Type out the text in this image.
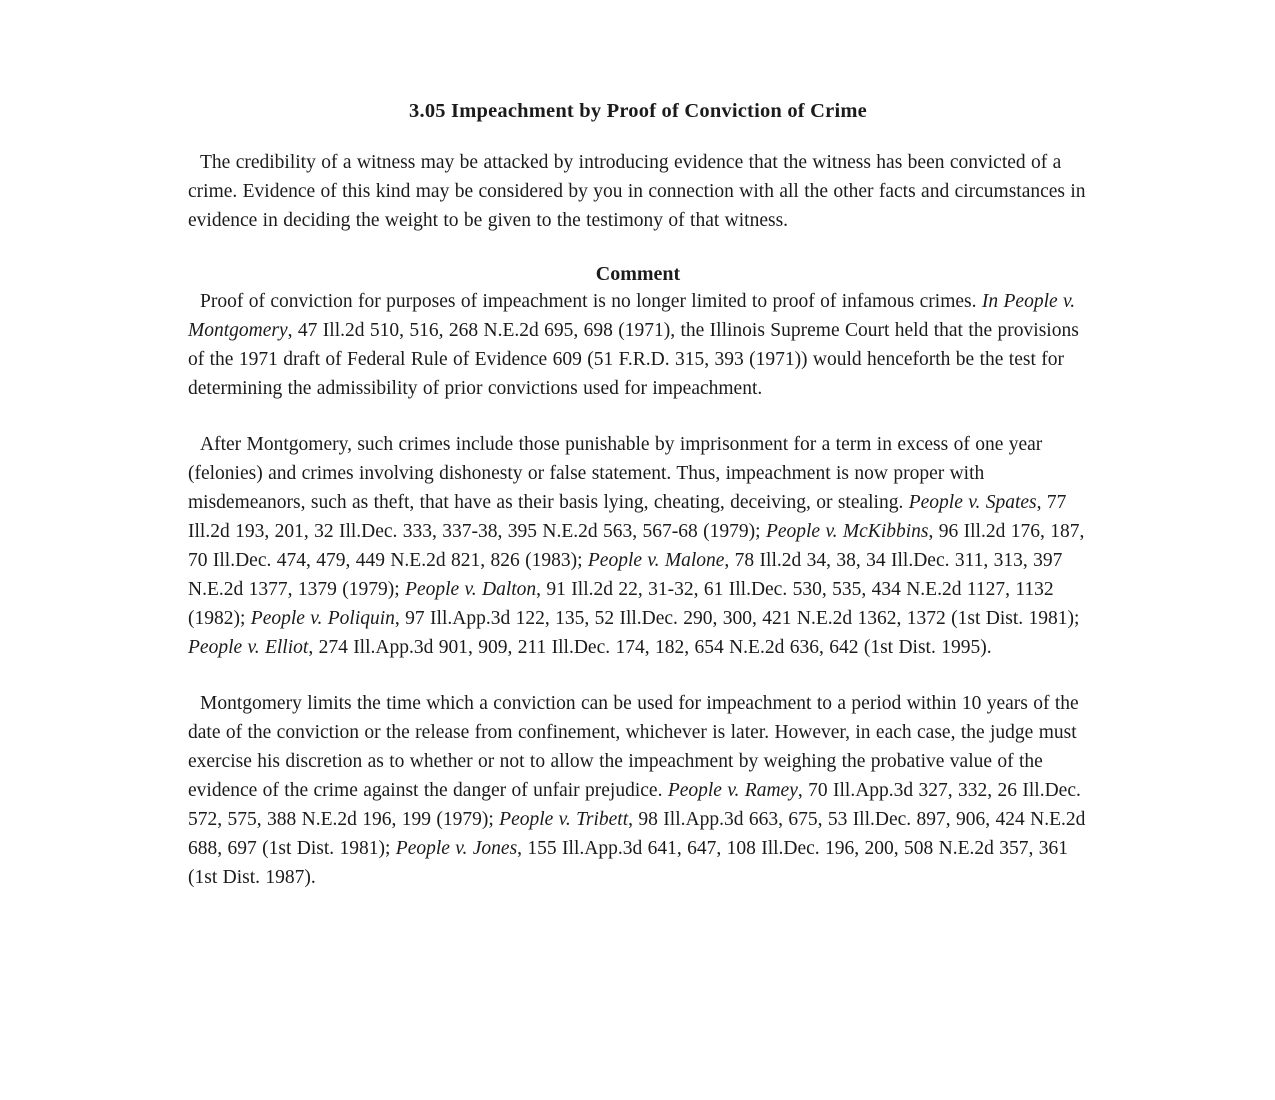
3.05 Impeachment by Proof of Conviction of Crime

The credibility of a witness may be attacked by introducing evidence that the witness has been convicted of a crime. Evidence of this kind may be considered by you in connection with all the other facts and circumstances in evidence in deciding the weight to be given to the testimony of that witness.

Comment

Proof of conviction for purposes of impeachment is no longer limited to proof of infamous crimes. In People v. Montgomery, 47 Ill.2d 510, 516, 268 N.E.2d 695, 698 (1971), the Illinois Supreme Court held that the provisions of the 1971 draft of Federal Rule of Evidence 609 (51 F.R.D. 315, 393 (1971)) would henceforth be the test for determining the admissibility of prior convictions used for impeachment.

After Montgomery, such crimes include those punishable by imprisonment for a term in excess of one year (felonies) and crimes involving dishonesty or false statement. Thus, impeachment is now proper with misdemeanors, such as theft, that have as their basis lying, cheating, deceiving, or stealing. People v. Spates, 77 Ill.2d 193, 201, 32 Ill.Dec. 333, 337-38, 395 N.E.2d 563, 567-68 (1979); People v. McKibbins, 96 Ill.2d 176, 187, 70 Ill.Dec. 474, 479, 449 N.E.2d 821, 826 (1983); People v. Malone, 78 Ill.2d 34, 38, 34 Ill.Dec. 311, 313, 397 N.E.2d 1377, 1379 (1979); People v. Dalton, 91 Ill.2d 22, 31-32, 61 Ill.Dec. 530, 535, 434 N.E.2d 1127, 1132 (1982); People v. Poliquin, 97 Ill.App.3d 122, 135, 52 Ill.Dec. 290, 300, 421 N.E.2d 1362, 1372 (1st Dist. 1981); People v. Elliot, 274 Ill.App.3d 901, 909, 211 Ill.Dec. 174, 182, 654 N.E.2d 636, 642 (1st Dist. 1995).

Montgomery limits the time which a conviction can be used for impeachment to a period within 10 years of the date of the conviction or the release from confinement, whichever is later. However, in each case, the judge must exercise his discretion as to whether or not to allow the impeachment by weighing the probative value of the evidence of the crime against the danger of unfair prejudice. People v. Ramey, 70 Ill.App.3d 327, 332, 26 Ill.Dec. 572, 575, 388 N.E.2d 196, 199 (1979); People v. Tribett, 98 Ill.App.3d 663, 675, 53 Ill.Dec. 897, 906, 424 N.E.2d 688, 697 (1st Dist. 1981); People v. Jones, 155 Ill.App.3d 641, 647, 108 Ill.Dec. 196, 200, 508 N.E.2d 357, 361 (1st Dist. 1987).
